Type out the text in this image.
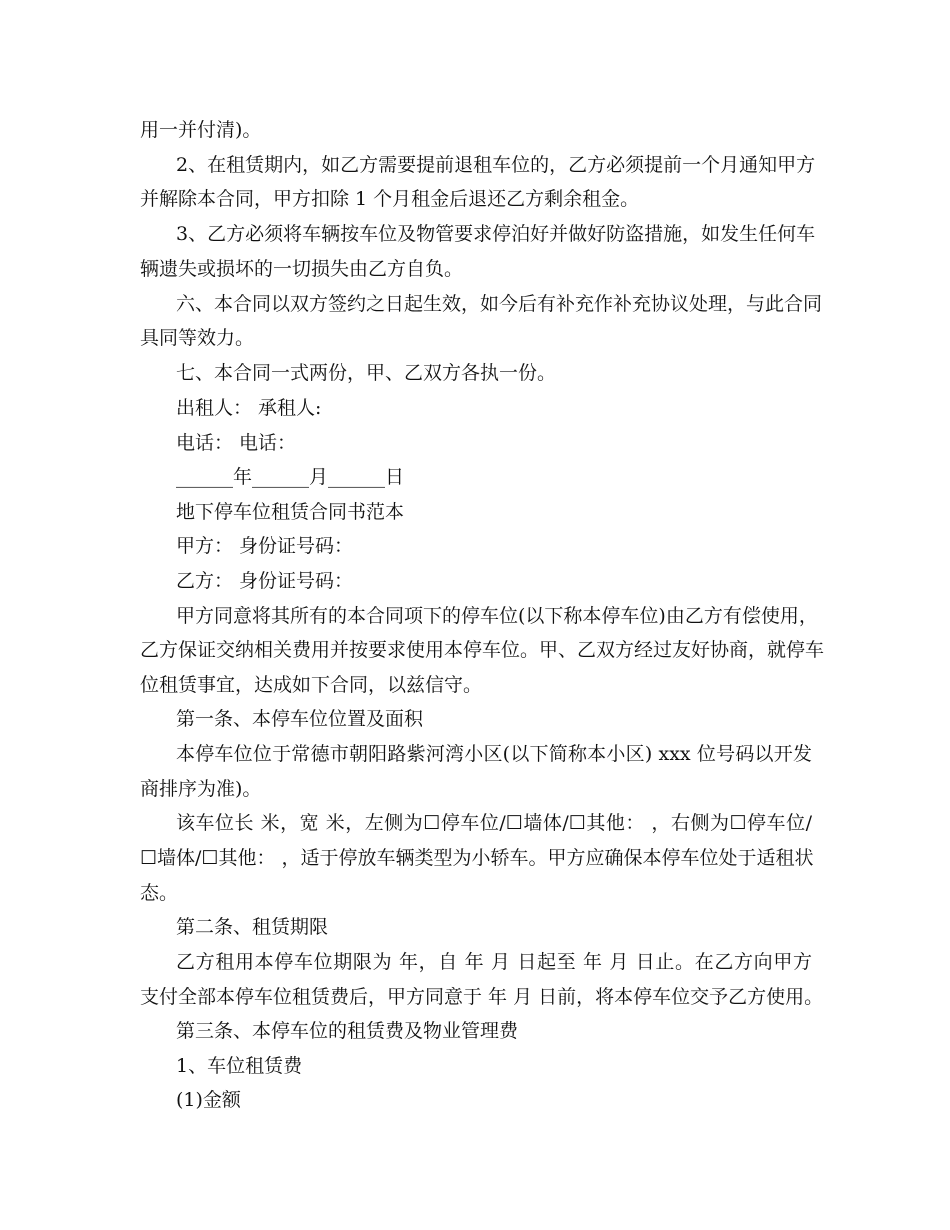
用一并付清)。
2、在租赁期内，如乙方需要提前退租车位的，乙方必须提前一个月通知甲方
并解除本合同，甲方扣除 1 个月租金后退还乙方剩余租金。
3、乙方必须将车辆按车位及物管要求停泊好并做好防盗措施，如发生任何车
辆遗失或损坏的一切损失由乙方自负。
六、本合同以双方签约之日起生效，如今后有补充作补充协议处理，与此合同
具同等效力。
七、本合同一式两份，甲、乙双方各执一份。
出租人： 承租人:
电话： 电话：
______年______月______日
地下停车位租赁合同书范本
甲方： 身份证号码：
乙方： 身份证号码：
甲方同意将其所有的本合同项下的停车位(以下称本停车位)由乙方有偿使用，
乙方保证交纳相关费用并按要求使用本停车位。甲、乙双方经过友好协商，就停车
位租赁事宜，达成如下合同，以兹信守。
第一条、本停车位位置及面积
本停车位位于常德市朝阳路紫河湾小区(以下简称本小区) xxx 位号码以开发
商排序为准)。
该车位长 米，宽 米，左侧为☐停车位/☐墙体/☐其他： ，右侧为☐停车位/
☐墙体/☐其他： ，适于停放车辆类型为小轿车。甲方应确保本停车位处于适租状
态。
第二条、租赁期限
乙方租用本停车位期限为 年，自 年 月 日起至 年 月 日止。在乙方向甲方
支付全部本停车位租赁费后，甲方同意于 年 月 日前，将本停车位交予乙方使用。
第三条、本停车位的租赁费及物业管理费
1、车位租赁费
(1)金额
